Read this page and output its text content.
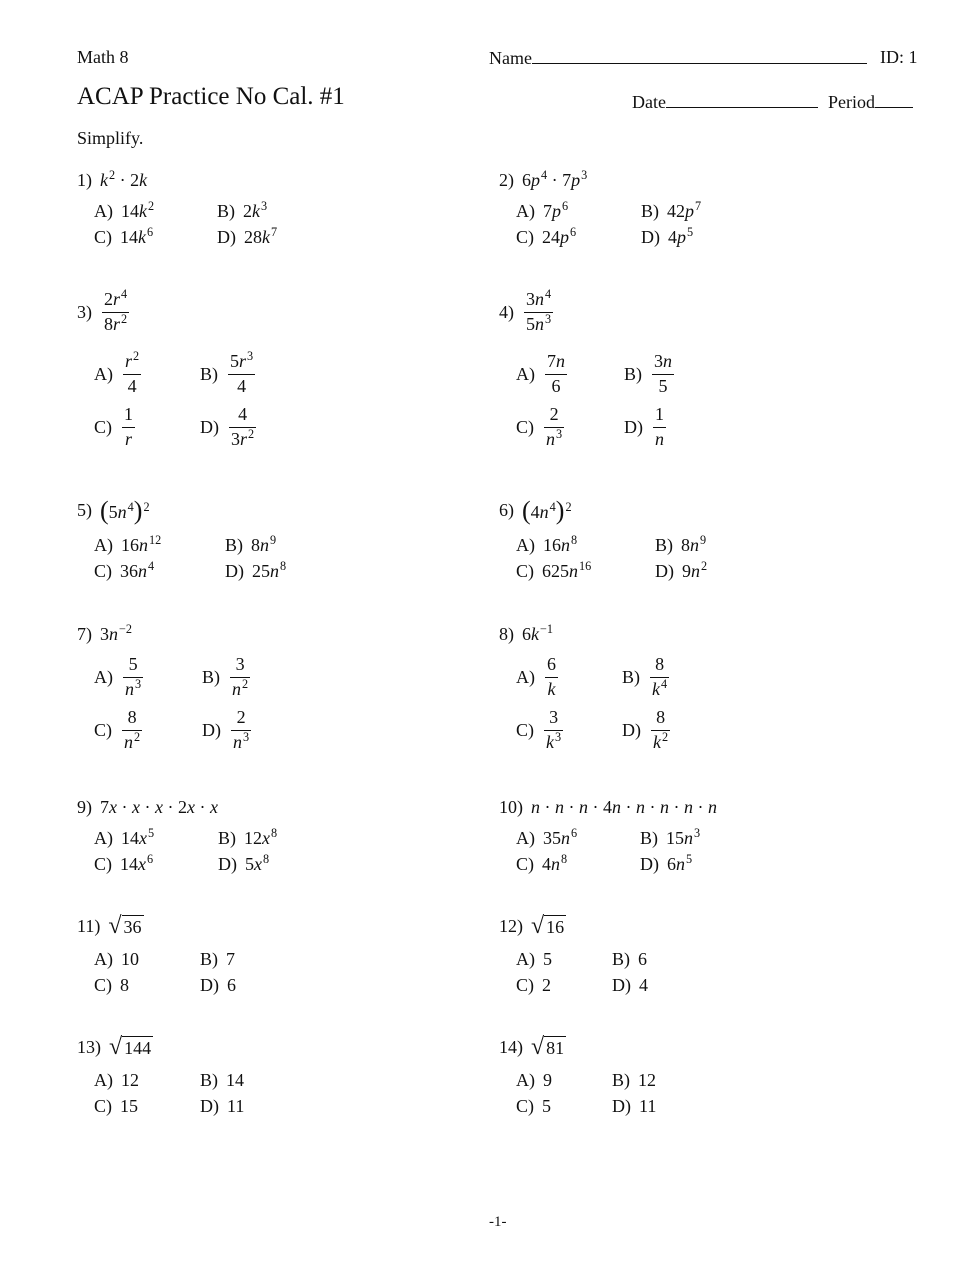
Math 8	Name	ID: 1
ACAP Practice No Cal. #1	Date	Period
Simplify.
1) $k^2 \cdot 2k$
A) $14k^2$	B) $2k^3$
C) $14k^6$	D) $28k^7$
2) $6p^4 \cdot 7p^3$
A) $7p^6$	B) $42p^7$
C) $24p^6$	D) $4p^5$
$3) \frac{2r^4}{8r^2}$
$A) \frac{r^2}{4}$	$B) \frac{5r^3}{4}$
$C) \frac{1}{r}$	$D) \frac{4}{3r^2}$
$4) \frac{3n^4}{5n^3}$
$A) \frac{7n}{6}$	$B) \frac{3n}{5}$
$C) \frac{2}{n^3}$	$D) \frac{1}{n}$
5) $(5n^4)^2$
A) $16n^{12}$	B) $8n^9$
C) $36n^4$	D) $25n^8$
6) $(4n^4)^2$
A) $16n^8$	B) $8n^9$
C) $625n^{16}$	D) $9n^2$
7) $3n^{-2}$
$A) \frac{5}{n^3}$	$B) \frac{3}{n^2}$
$C) \frac{8}{n^2}$	$D) \frac{2}{n^3}$
8) $6k^{-1}$
$A) \frac{6}{k}$	$B) \frac{8}{k^4}$
$C) \frac{3}{k^3}$	$D) \frac{8}{k^2}$
9) 7x · x · x · 2x · x
A) $14x^5$	B) $12x^8$
C) $14x^6$	D) $5x^8$
10) n · n · n · 4n · n · n · n · n
A) $35n^6$	B) $15n^3$
C) $4n^8$	D) $6n^5$
11) √ 36
A) 10	B) 7
C) 8	D) 6
12) √ 16
A) 5	B) 6
C) 2	D) 4
13) √ 144
A) 12	B) 14
C) 15	D) 11
14) √ 81
A) 9	B) 12
C) 5	D) 11
-1-
